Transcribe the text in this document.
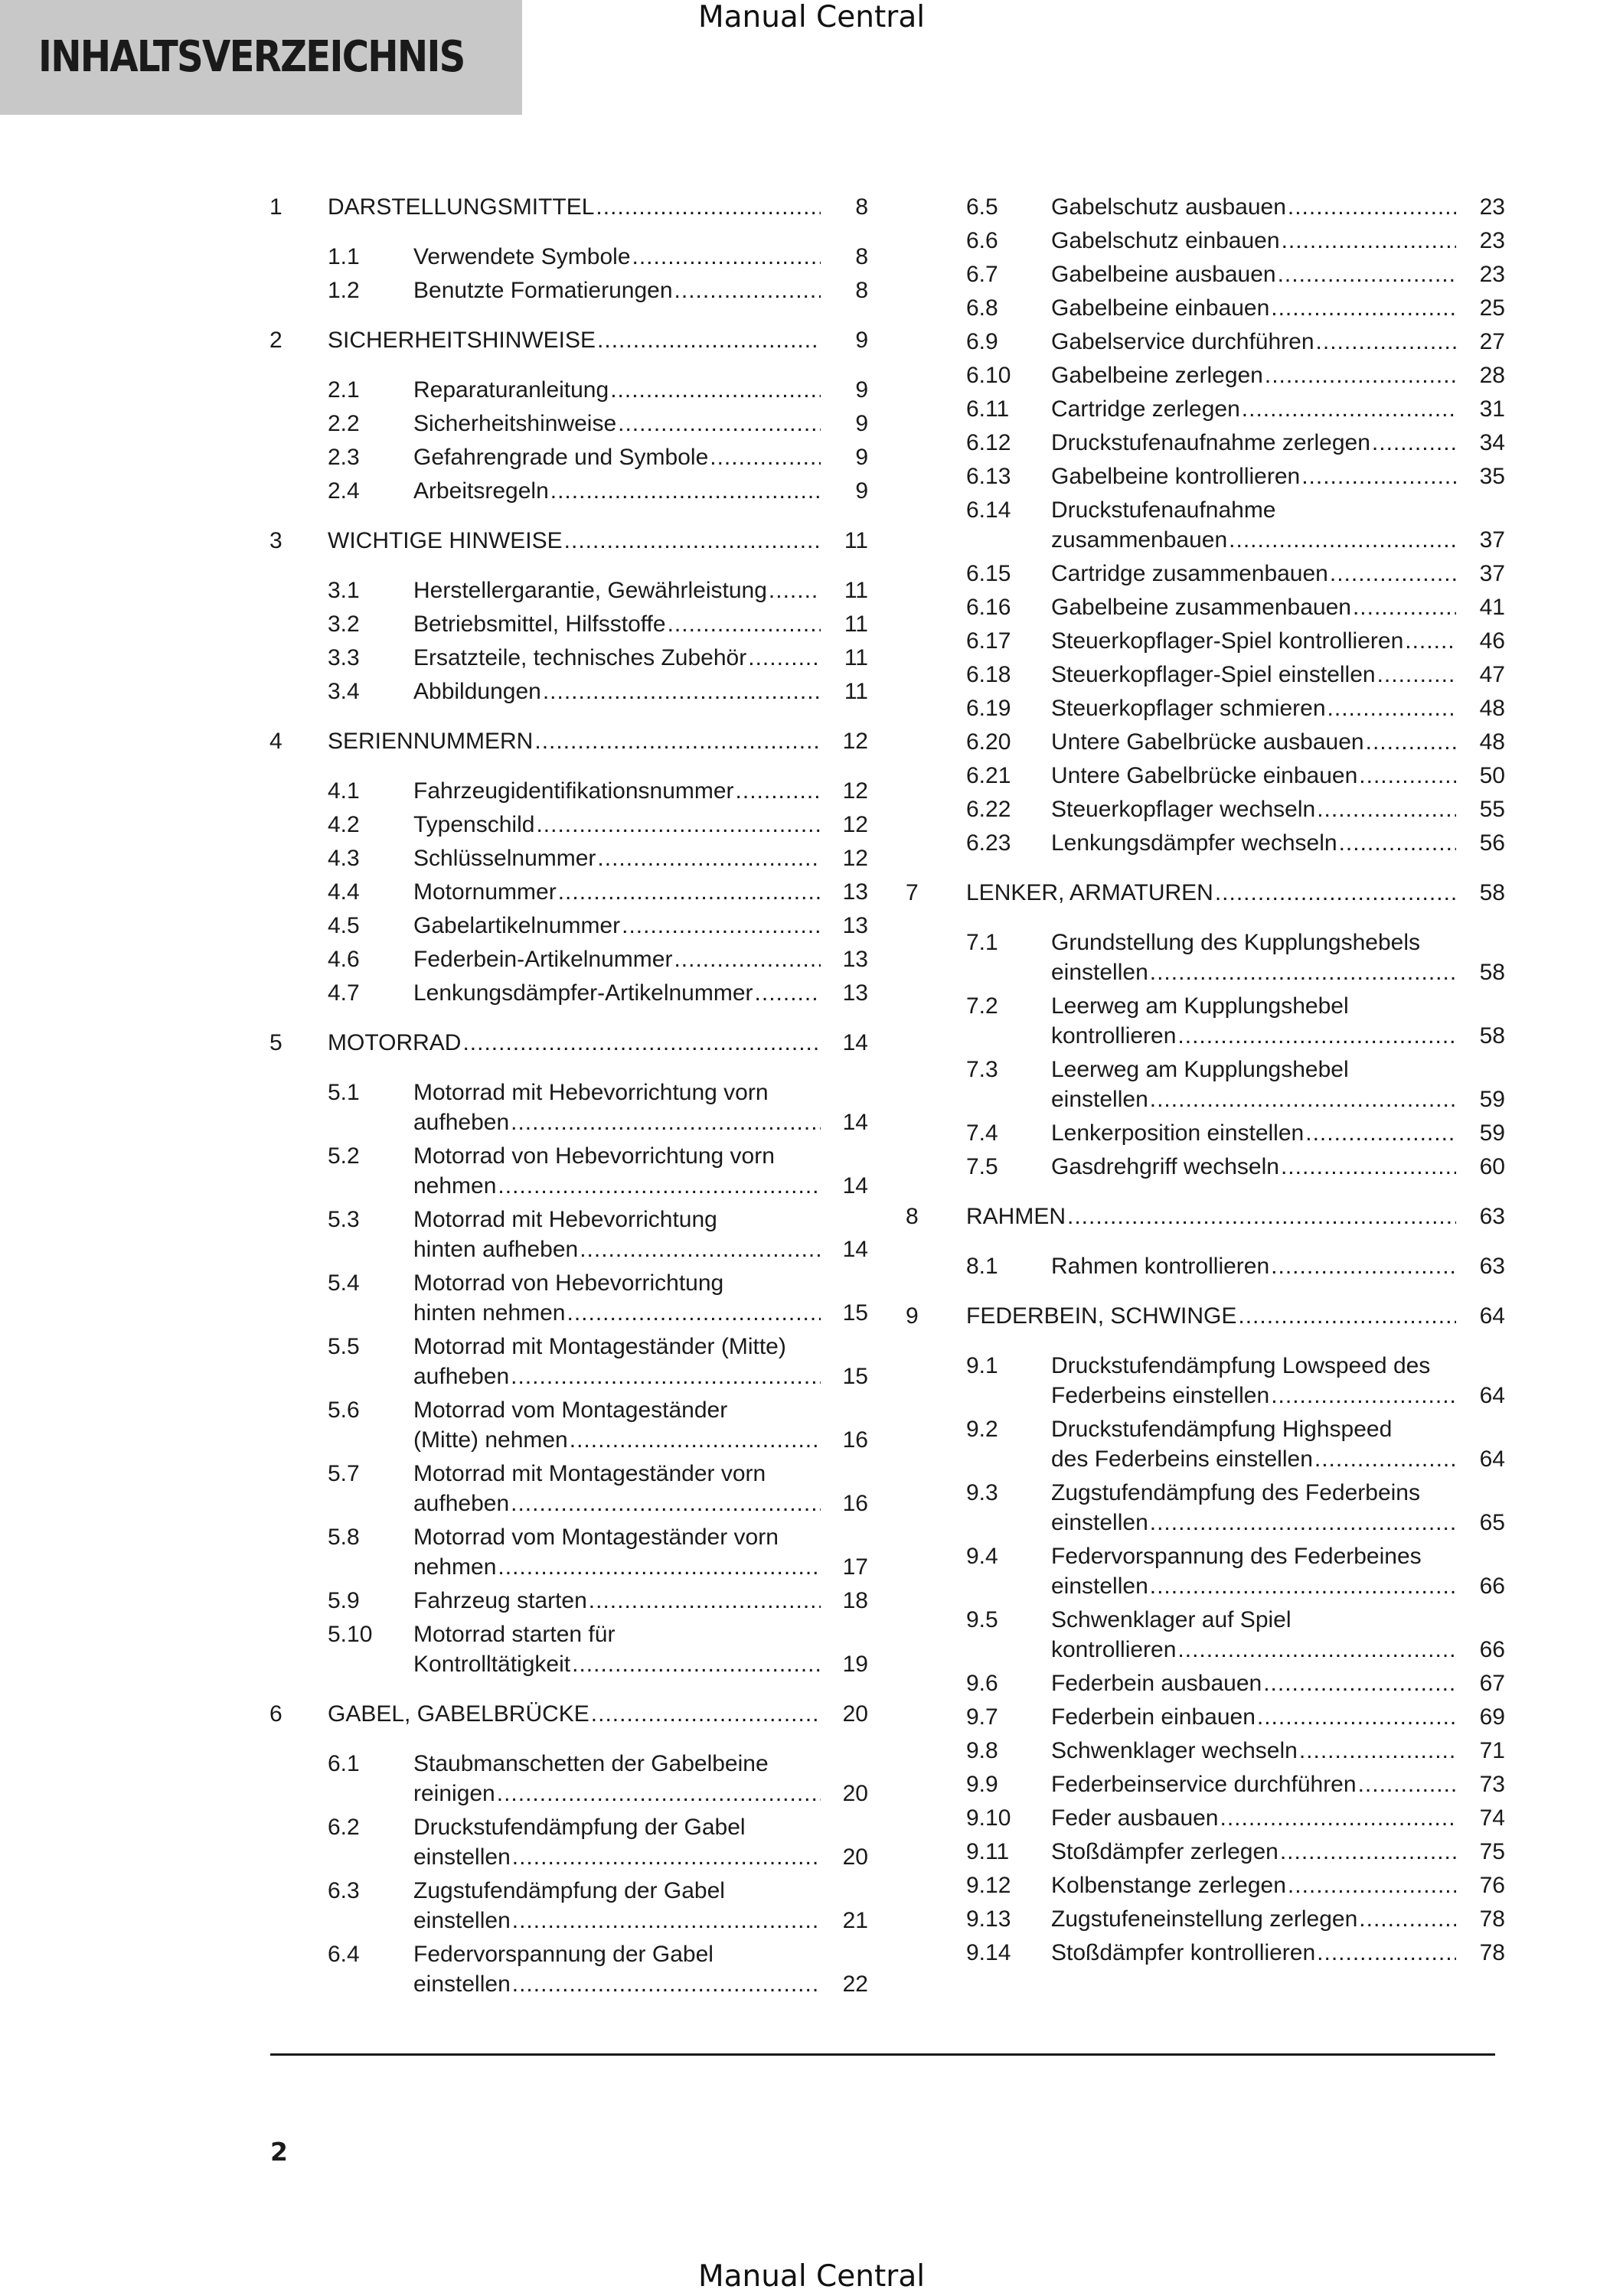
Manual Central
INHALTSVERZEICHNIS
1 DARSTELLUNGSMITTEL .....	8
1.1 Verwendete Symbole .....	8
1.2 Benutzte Formatierungen .....	8
2 SICHERHEITSHINWEISE .....	9
2.1 Reparaturanleitung .....	9
2.2 Sicherheitshinweise .....	9
2.3 Gefahrengrade und Symbole .....	9
2.4 Arbeitsregeln .....	9
3 WICHTIGE HINWEISE .....	11
3.1 Herstellergarantie, Gewährleistung .....	11
3.2 Betriebsmittel, Hilfsstoffe .....	11
3.3 Ersatzteile, technisches Zubehör .....	11
3.4 Abbildungen .....	11
4 SERIENNUMMERN .....	12
4.1 Fahrzeugidentifikationsnummer .....	12
4.2 Typenschild .....	12
4.3 Schlüsselnummer .....	12
4.4 Motornummer .....	13
4.5 Gabelartikelnummer .....	13
4.6 Federbein-Artikelnummer .....	13
4.7 Lenkungsdämpfer-Artikelnummer .....	13
5 MOTORRAD .....	14
5.1 Motorrad mit Hebevorrichtung vorn
aufheben .....	14
5.2 Motorrad von Hebevorrichtung vorn
nehmen .....	14
5.3 Motorrad mit Hebevorrichtung
hinten aufheben .....	14
5.4 Motorrad von Hebevorrichtung
hinten nehmen .....	15
5.5 Motorrad mit Montageständer (Mitte)
aufheben .....	15
5.6 Motorrad vom Montageständer
(Mitte) nehmen .....	16
5.7 Motorrad mit Montageständer vorn
aufheben .....	16
5.8 Motorrad vom Montageständer vorn
nehmen .....	17
5.9 Fahrzeug starten .....	18
5.10 Motorrad starten für
Kontrolltätigkeit .....	19
6 GABEL, GABELBRÜCKE .....	20
6.1 Staubmanschetten der Gabelbeine
reinigen .....	20
6.2 Druckstufendämpfung der Gabel
einstellen .....	20
6.3 Zugstufendämpfung der Gabel
einstellen .....	21
6.4 Federvorspannung der Gabel
einstellen .....	22
6.5 Gabelschutz ausbauen .....	23
6.6 Gabelschutz einbauen .....	23
6.7 Gabelbeine ausbauen .....	23
6.8 Gabelbeine einbauen .....	25
6.9 Gabelservice durchführen .....	27
6.10 Gabelbeine zerlegen .....	28
6.11 Cartridge zerlegen .....	31
6.12 Druckstufenaufnahme zerlegen .....	34
6.13 Gabelbeine kontrollieren .....	35
6.14 Druckstufenaufnahme
zusammenbauen .....	37
6.15 Cartridge zusammenbauen .....	37
6.16 Gabelbeine zusammenbauen .....	41
6.17 Steuerkopflager-Spiel kontrollieren .....	46
6.18 Steuerkopflager-Spiel einstellen .....	47
6.19 Steuerkopflager schmieren .....	48
6.20 Untere Gabelbrücke ausbauen .....	48
6.21 Untere Gabelbrücke einbauen .....	50
6.22 Steuerkopflager wechseln .....	55
6.23 Lenkungsdämpfer wechseln .....	56
7 LENKER, ARMATUREN .....	58
7.1 Grundstellung des Kupplungshebels
einstellen .....	58
7.2 Leerweg am Kupplungshebel
kontrollieren .....	58
7.3 Leerweg am Kupplungshebel
einstellen .....	59
7.4 Lenkerposition einstellen .....	59
7.5 Gasdrehgriff wechseln .....	60
8 RAHMEN .....	63
8.1 Rahmen kontrollieren .....	63
9 FEDERBEIN, SCHWINGE .....	64
9.1 Druckstufendämpfung Lowspeed des
Federbeins einstellen .....	64
9.2 Druckstufendämpfung Highspeed
des Federbeins einstellen .....	64
9.3 Zugstufendämpfung des Federbeins
einstellen .....	65
9.4 Federvorspannung des Federbeines
einstellen .....	66
9.5 Schwenklager auf Spiel
kontrollieren .....	66
9.6 Federbein ausbauen .....	67
9.7 Federbein einbauen .....	69
9.8 Schwenklager wechseln .....	71
9.9 Federbeinservice durchführen .....	73
9.10 Feder ausbauen .....	74
9.11 Stoßdämpfer zerlegen .....	75
9.12 Kolbenstange zerlegen .....	76
9.13 Zugstufeneinstellung zerlegen .....	78
9.14 Stoßdämpfer kontrollieren .....	78
2
Manual Central
